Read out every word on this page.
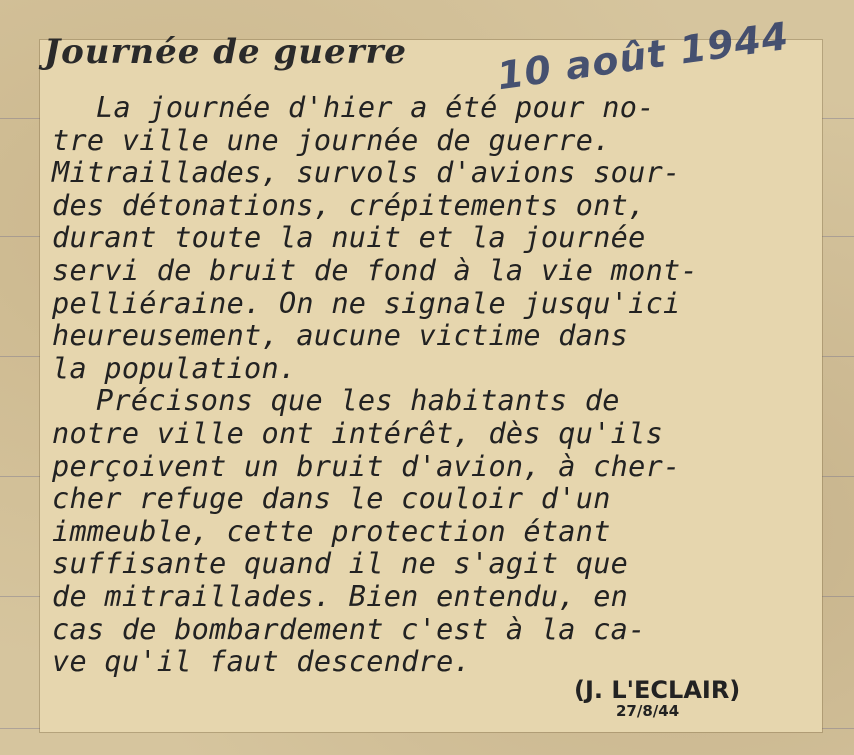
Journée de guerre 10 août 1944
La journée d'hier a été pour no-
tre ville une journée de guerre.
Mitraillades, survols d'avions sour-
des détonations, crépitements ont,
durant toute la nuit et la journée
servi de bruit de fond à la vie mont-
pelliéraine. On ne signale jusqu'ici
heureusement, aucune victime dans
la population.
Précisons que les habitants de
notre ville ont intérêt, dès qu'ils
perçoivent un bruit d'avion, à cher-
cher refuge dans le couloir d'un
immeuble, cette protection étant
suffisante quand il ne s'agit que
de mitraillades. Bien entendu, en
cas de bombardement c'est à la ca-
ve qu'il faut descendre.
(J. L'ECLAIR)
27/8/44
